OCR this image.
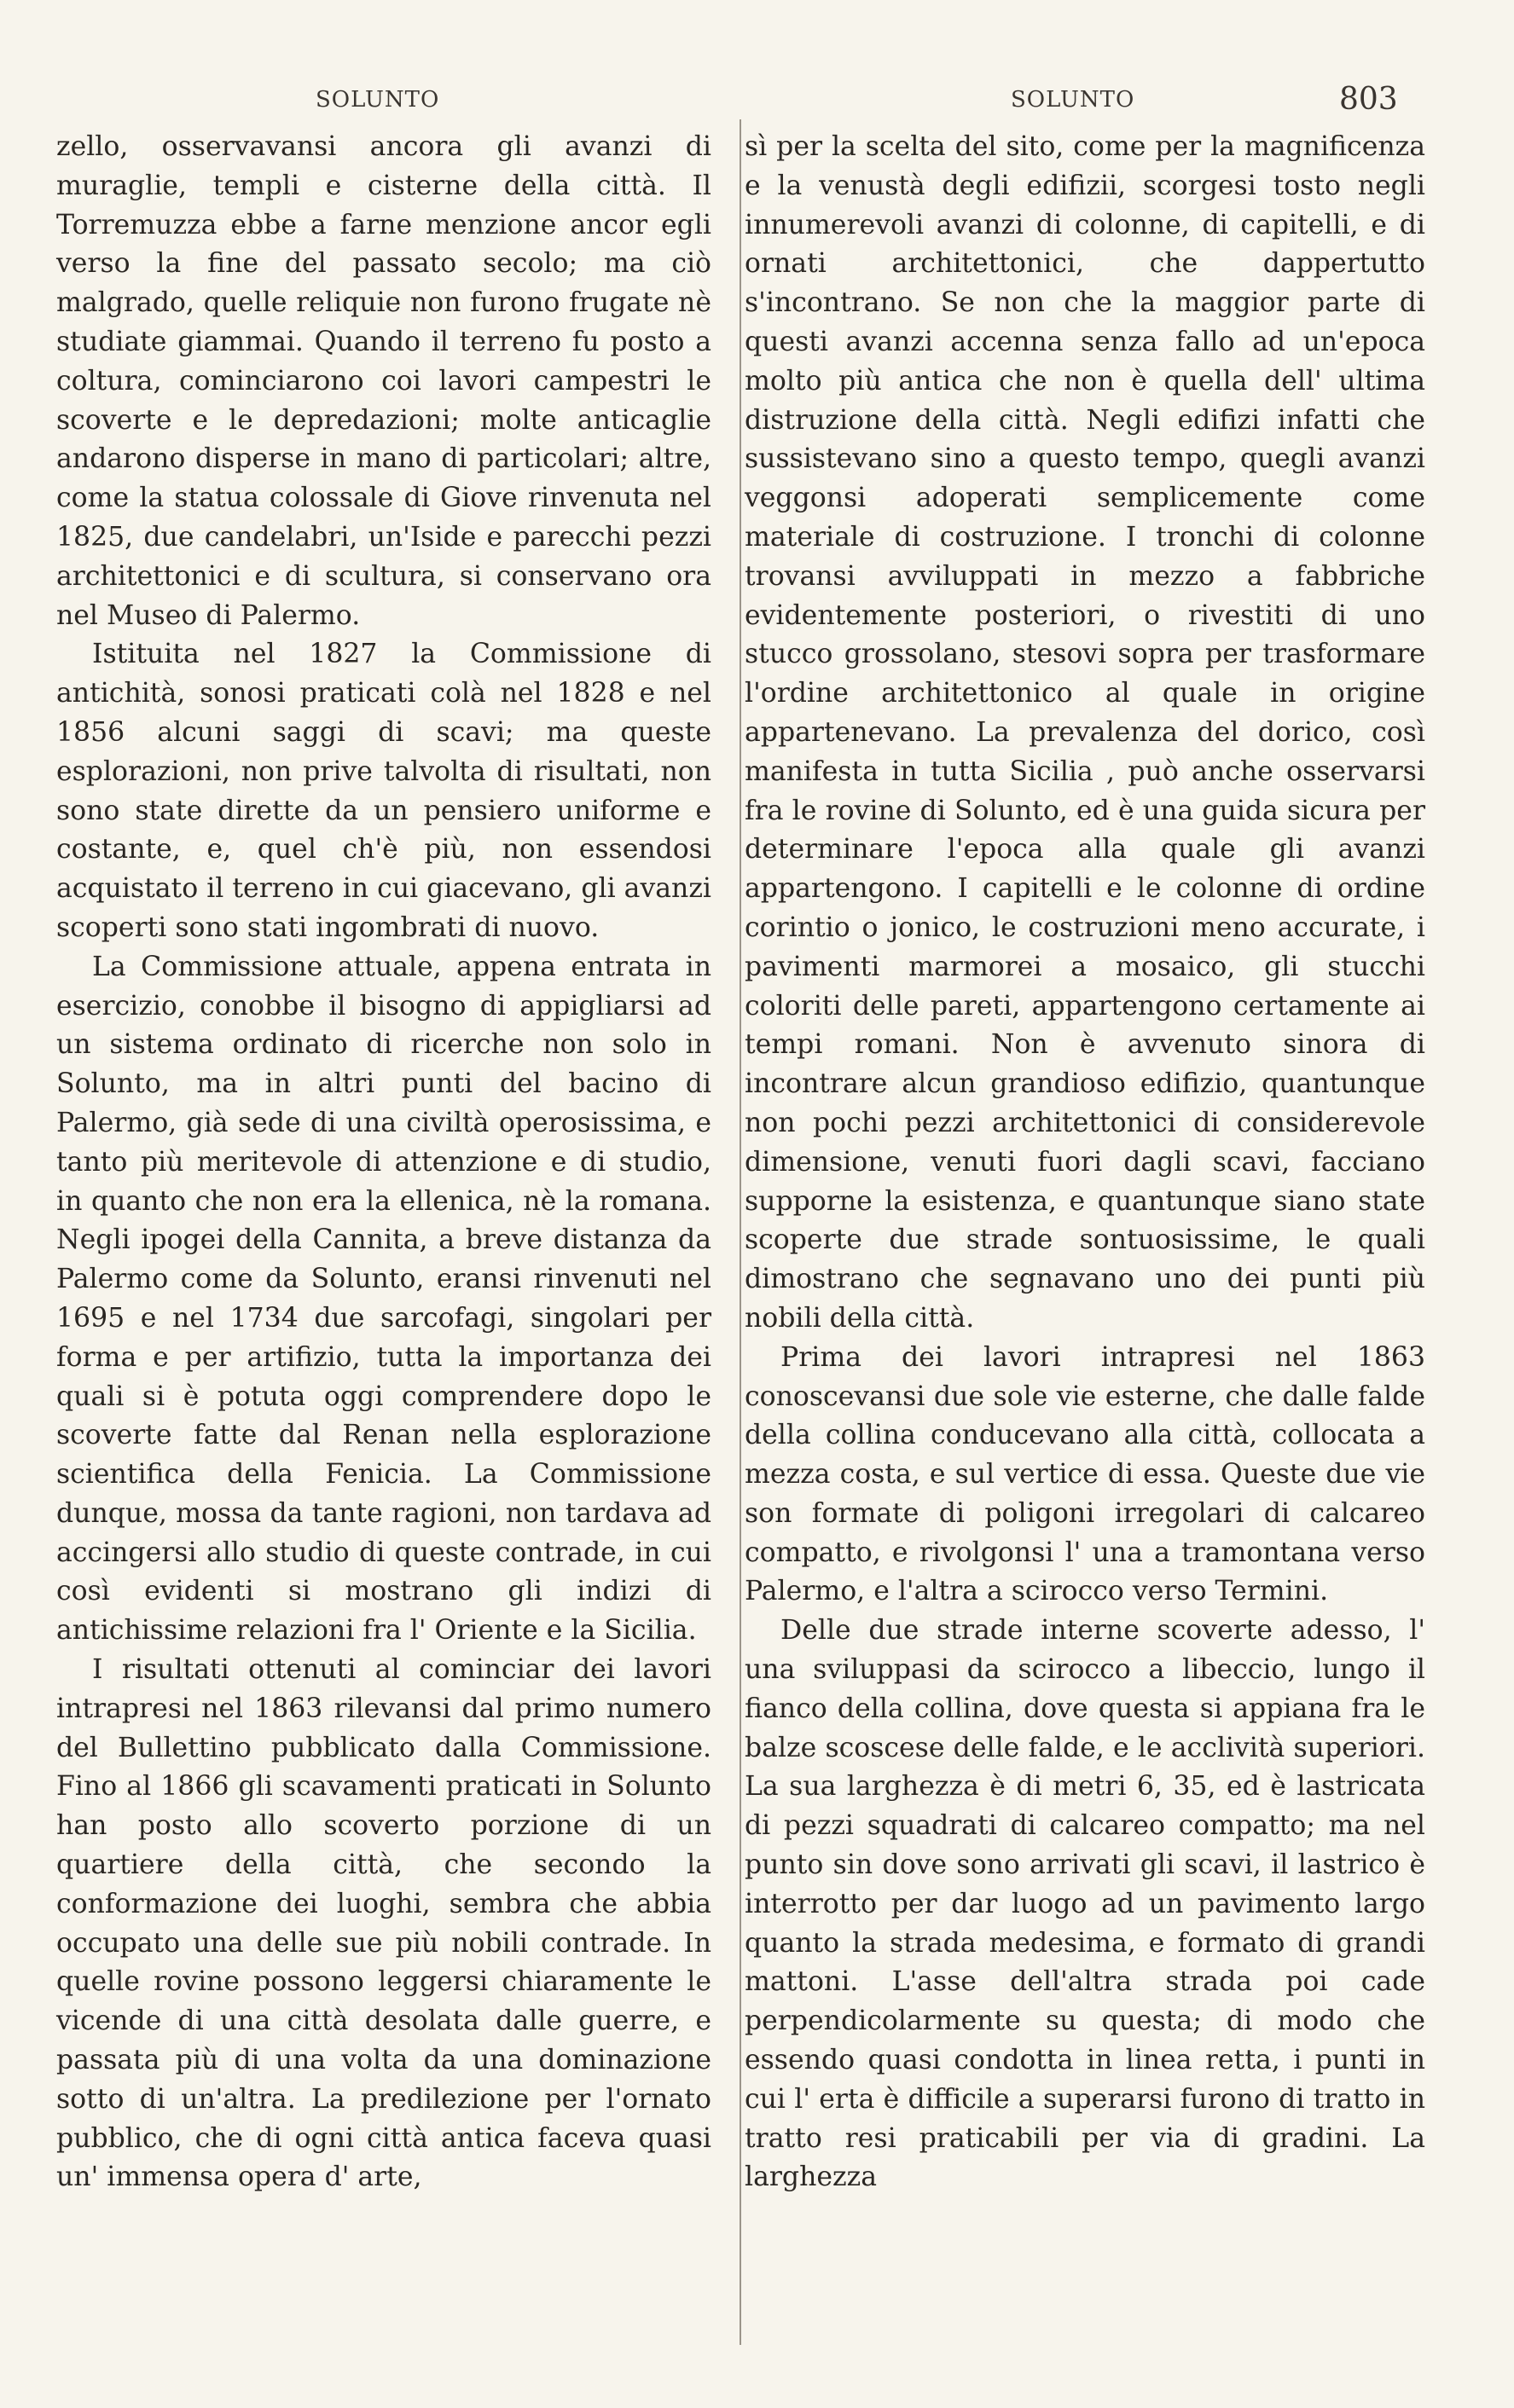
SOLUNTO	SOLUNTO	803

zello, osservavansi ancora gli avanzi di muraglie, templi e cisterne della città. Il Torremuzza ebbe a farne menzione ancor egli verso la fine del passato secolo; ma ciò malgrado, quelle reliquie non furono frugate nè studiate giammai. Quando il terreno fu posto a coltura, cominciarono coi lavori campestri le scoverte e le depredazioni; molte anticaglie andarono disperse in mano di particolari; altre, come la statua colossale di Giove rinvenuta nel 1825, due candelabri, un'Iside e parecchi pezzi architettonici e di scultura, si conservano ora nel Museo di Palermo.

Istituita nel 1827 la Commissione di antichità, sonosi praticati colà nel 1828 e nel 1856 alcuni saggi di scavi; ma queste esplorazioni, non prive talvolta di risultati, non sono state dirette da un pensiero uniforme e costante, e, quel ch'è più, non essendosi acquistato il terreno in cui giacevano, gli avanzi scoperti sono stati ingombrati di nuovo.

La Commissione attuale, appena entrata in esercizio, conobbe il bisogno di appigliarsi ad un sistema ordinato di ricerche non solo in Solunto, ma in altri punti del bacino di Palermo, già sede di una civiltà operosissima, e tanto più meritevole di attenzione e di studio, in quanto che non era la ellenica, nè la romana. Negli ipogei della Cannita, a breve distanza da Palermo come da Solunto, eransi rinvenuti nel 1695 e nel 1734 due sarcofagi, singolari per forma e per artifizio, tutta la importanza dei quali si è potuta oggi comprendere dopo le scoverte fatte dal Renan nella esplorazione scientifica della Fenicia. La Commissione dunque, mossa da tante ragioni, non tardava ad accingersi allo studio di queste contrade, in cui così evidenti si mostrano gli indizi di antichissime relazioni fra l' Oriente e la Sicilia.

I risultati ottenuti al cominciar dei lavori intrapresi nel 1863 rilevansi dal primo numero del Bullettino pubblicato dalla Commissione. Fino al 1866 gli scavamenti praticati in Solunto han posto allo scoverto porzione di un quartiere della città, che secondo la conformazione dei luoghi, sembra che abbia occupato una delle sue più nobili contrade. In quelle rovine possono leggersi chiaramente le vicende di una città desolata dalle guerre, e passata più di una volta da una dominazione sotto di un'altra. La predilezione per l'ornato pubblico, che di ogni città antica faceva quasi un' immensa opera d' arte,

sì per la scelta del sito, come per la magnificenza e la venustà degli edifizii, scorgesi tosto negli innumerevoli avanzi di colonne, di capitelli, e di ornati architettonici, che dappertutto s'incontrano. Se non che la maggior parte di questi avanzi accenna senza fallo ad un'epoca molto più antica che non è quella dell' ultima distruzione della città. Negli edifizi infatti che sussistevano sino a questo tempo, quegli avanzi veggonsi adoperati semplicemente come materiale di costruzione. I tronchi di colonne trovansi avviluppati in mezzo a fabbriche evidentemente posteriori, o rivestiti di uno stucco grossolano, stesovi sopra per trasformare l'ordine architettonico al quale in origine appartenevano. La prevalenza del dorico, così manifesta in tutta Sicilia , può anche osservarsi fra le rovine di Solunto, ed è una guida sicura per determinare l'epoca alla quale gli avanzi appartengono. I capitelli e le colonne di ordine corintio o jonico, le costruzioni meno accurate, i pavimenti marmorei a mosaico, gli stucchi coloriti delle pareti, appartengono certamente ai tempi romani. Non è avvenuto sinora di incontrare alcun grandioso edifizio, quantunque non pochi pezzi architettonici di considerevole dimensione, venuti fuori dagli scavi, facciano supporne la esistenza, e quantunque siano state scoperte due strade sontuosissime, le quali dimostrano che segnavano uno dei punti più nobili della città.

Prima dei lavori intrapresi nel 1863 conoscevansi due sole vie esterne, che dalle falde della collina conducevano alla città, collocata a mezza costa, e sul vertice di essa. Queste due vie son formate di poligoni irregolari di calcareo compatto, e rivolgonsi l' una a tramontana verso Palermo, e l'altra a scirocco verso Termini.

Delle due strade interne scoverte adesso, l' una sviluppasi da scirocco a libeccio, lungo il fianco della collina, dove questa si appiana fra le balze scoscese delle falde, e le acclività superiori. La sua larghezza è di metri 6, 35, ed è lastricata di pezzi squadrati di calcareo compatto; ma nel punto sin dove sono arrivati gli scavi, il lastrico è interrotto per dar luogo ad un pavimento largo quanto la strada medesima, e formato di grandi mattoni. L'asse dell'altra strada poi cade perpendicolarmente su questa; di modo che essendo quasi condotta in linea retta, i punti in cui l' erta è difficile a superarsi furono di tratto in tratto resi praticabili per via di gradini. La larghezza
